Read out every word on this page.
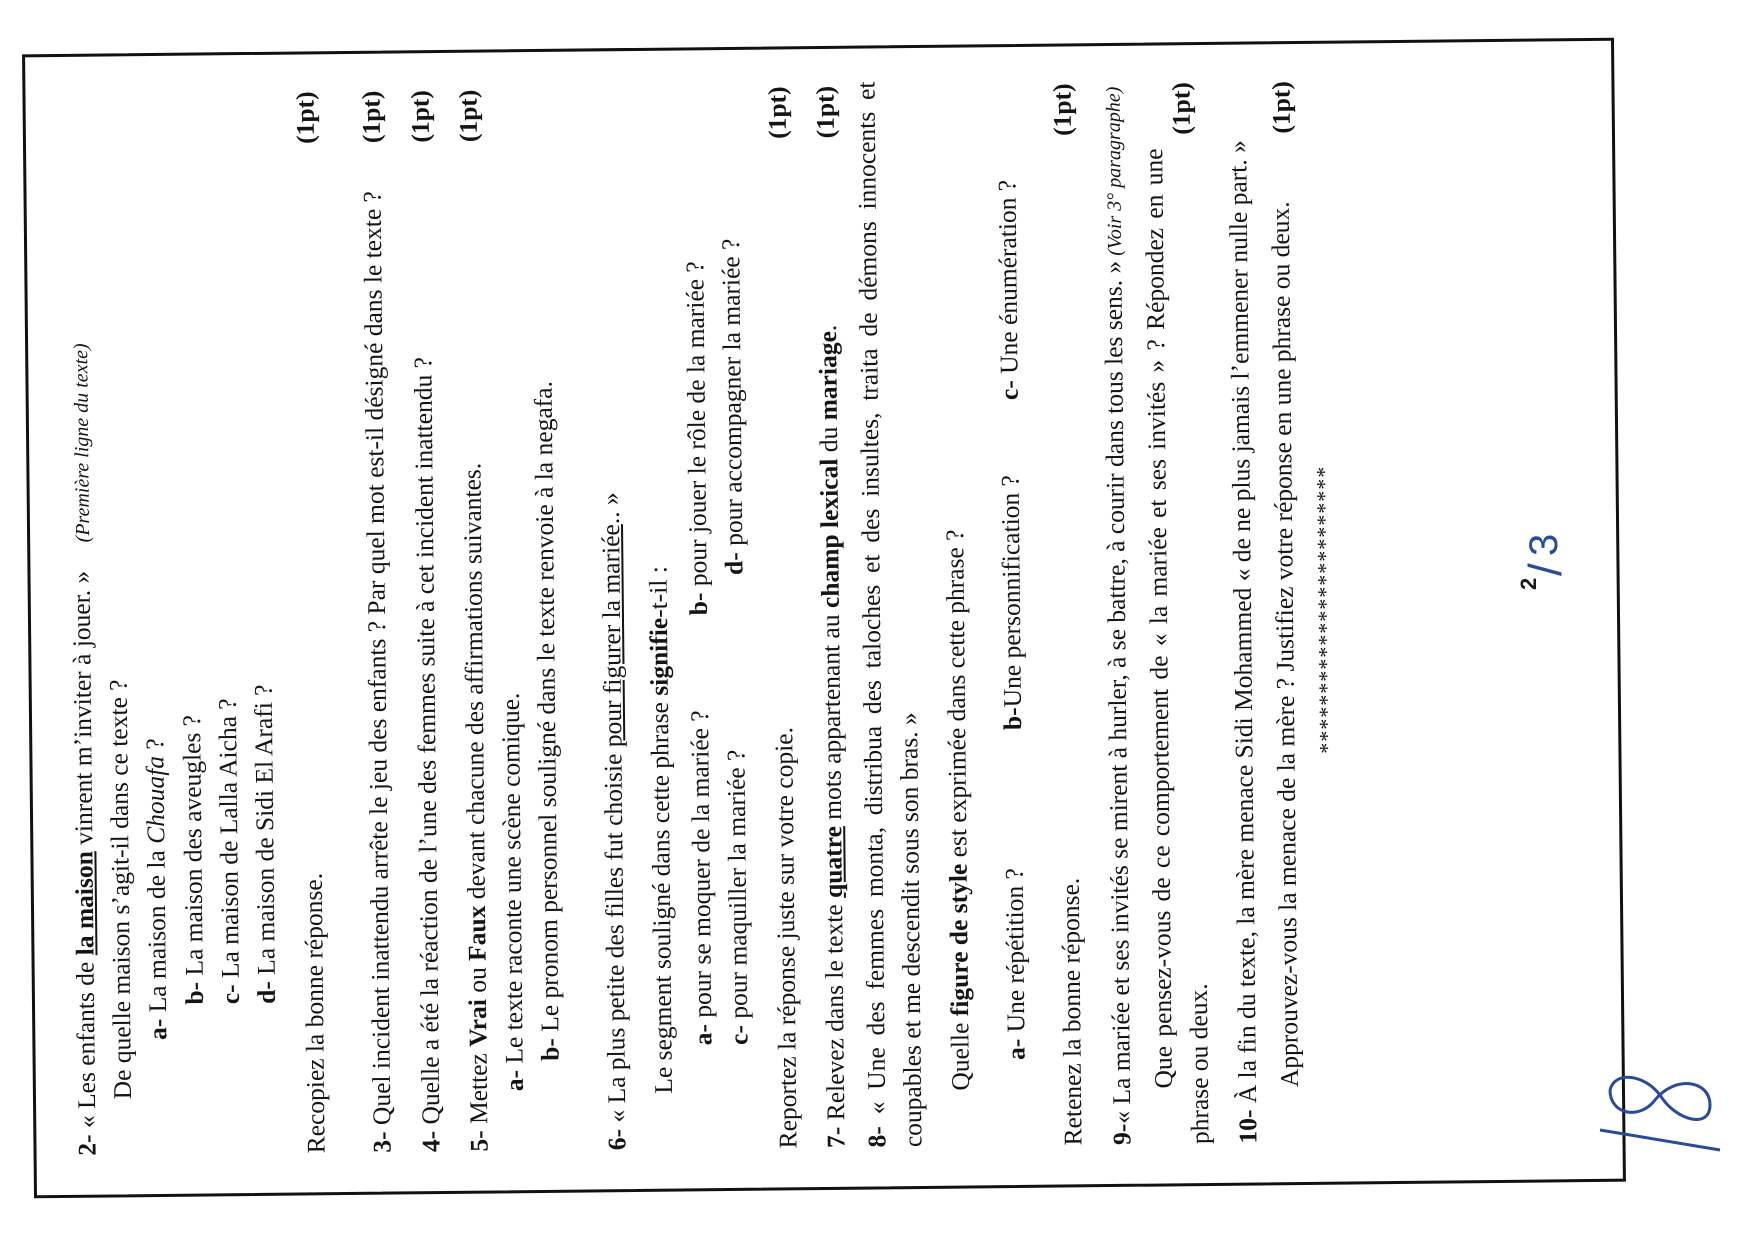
2- « Les enfants de la maison vinrent m’inviter à jouer. » (Première ligne du texte)
De quelle maison s’agit-il dans ce texte ? a- La maison de la Chouafa ?
b- La maison des aveugles ?
c- La maison de Lalla Aicha ?
d- La maison de Sidi El Arafi ?
Recopiez la bonne réponse.
(1pt)
3- Quel incident inattendu arrête le jeu des enfants ? Par quel mot est-il désigné dans le texte ?
(1pt)
4- Quelle a été la réaction de l’une des femmes suite à cet incident inattendu ?
(1pt)
5- Mettez Vrai ou Faux devant chacune des affirmations suivantes.
(1pt)
a- Le texte raconte une scène comique. b- Le pronom personnel souligné dans le texte renvoie à la negafa.
6- « La plus petite des filles fut choisie pour figurer la mariée.. »
Le segment souligné dans cette phrase signifie-t-il :
a- pour se moquer de la mariée ?
b- pour jouer le rôle de la mariée ?
c- pour maquiller la mariée ?
d- pour accompagner la mariée ?
Reportez la réponse juste sur votre copie.
(1pt)
7- Relevez dans le texte quatre mots appartenant au champ lexical du mariage.
(1pt)
8- « Une des femmes monta, distribua des taloches et des insultes, traita de démons innocents et coupables et me descendit sous son bras. » Quelle figure de style est exprimée dans cette phrase ?
a- Une répétition ?
b-Une personnification ?
c- Une énumération ?
Retenez la bonne réponse.
(1pt)
9-« La mariée et ses invités se mirent à hurler, à se battre, à courir dans tous les sens. » (Voir 3° paragraphe) Que pensez-vous de ce comportement de « la mariée et ses invités » ? Répondez en une phrase ou deux.
(1pt)
10- À la fin du texte, la mère menace Sidi Mohammed « de ne plus jamais l’emmener nulle part. » Approuvez-vous la menace de la mère ? Justifiez votre réponse en une phrase ou deux.
(1pt)
************************	2
/
3
